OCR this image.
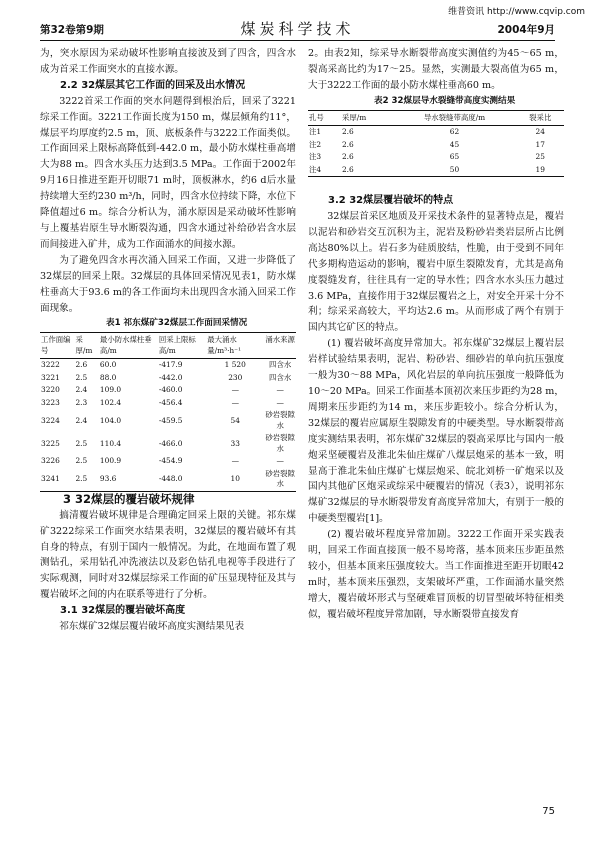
维普资讯 http://www.cqvip.com
第32卷第9期	煤炭科学技术	2004年9月

为，突水原因为采动破坏性影响直接波及到了四含，四含水成为首采工作面突水的直接水源。

2.2 32煤层其它工作面的回采及出水情况

3222首采工作面的突水问题得到根治后，回采了3221综采工作面。3221工作面长度为150 m，煤层倾角约11°，煤层平均厚度约2.5 m，顶、底板条件与3222工作面类似。工作面回采上限标高降低到-442.0 m，最小防水煤柱垂高增大为88 m。四含水头压力达到3.5 MPa。工作面于2002年9月16日推进至距开切眼71 m时，顶板淋水，约6 d后水量持续增大至约230 m³/h，同时，四含水位持续下降，水位下降值超过6 m。综合分析认为，涌水原因是采动破坏性影响与上覆基岩原生导水断裂沟通，四含水通过补给砂岩含水层而间接进入矿井，成为工作面涌水的间接水源。

为了避免四含水再次涌入回采工作面，又进一步降低了32煤层的回采上限。32煤层的具体回采情况见表1，防水煤柱垂高大于93.6 m的各工作面均未出现四含水涌入回采工作面现象。

表1 祁东煤矿32煤层工作面回采情况

工作面编号	采厚/m	最小防水煤柱垂高/m	回采上限标高/m	最大涌水量/m³·h⁻¹	涌水来源
3222	2.6	60.0	-417.9	1 520	四含水
3221	2.5	88.0	-442.0	230	四含水
3220	2.4	109.0	-460.0	—	—
3223	2.3	102.4	-456.4	—	—
3224	2.4	104.0	-459.5	54	砂岩裂隙水
3225	2.5	110.4	-466.0	33	砂岩裂隙水
3226	2.5	100.9	-454.9	—	—
3241	2.5	93.6	-448.0	10	砂岩裂隙水

3 32煤层的覆岩破坏规律

搞清覆岩破坏规律是合理确定回采上限的关键。祁东煤矿3222综采工作面突水结果表明，32煤层的覆岩破坏有其自身的特点，有别于国内一般情况。为此，在地面布置了观测钻孔，采用钻孔冲洗液法以及彩色钻孔电视等手段进行了实际观测，同时对32煤层综采工作面的矿压显现特征及其与覆岩破坏之间的内在联系等进行了分析。

3.1 32煤层的覆岩破坏高度

祁东煤矿32煤层覆岩破坏高度实测结果见表

2。由表2知，综采导水断裂带高度实测值约为45～65 m，裂高采高比约为17～25。显然，实测最大裂高值为65 m，大于3222工作面的最小防水煤柱垂高60 m。

表2 32煤层导水裂缝带高度实测结果

孔号	采厚/m	导水裂缝带高度/m	裂采比
注1	2.6	62	24
注2	2.6	45	17
注3	2.6	65	25
注4	2.6	50	19

3.2 32煤层覆岩破坏的特点

32煤层首采区地质及开采技术条件的显著特点是，覆岩以泥岩和砂岩交互沉积为主，泥岩及粉砂岩类岩层所占比例高达80%以上。岩石多为硅质胶结，性脆，由于受到不同年代多期构造运动的影响，覆岩中原生裂隙发育，尤其是高角度裂缝发育，往往具有一定的导水性；四含水水头压力越过3.6 MPa，直接作用于32煤层覆岩之上，对安全开采十分不利；综采采高较大，平均达2.6 m。从而形成了两个有别于国内其它矿区的特点。

(1) 覆岩破坏高度异常加大。祁东煤矿32煤层上覆岩层岩样试验结果表明，泥岩、粉砂岩、细砂岩的单向抗压强度一般为30～88 MPa，风化岩层的单向抗压强度一般降低为10～20 MPa。回采工作面基本顶初次来压步距约为28 m，周期来压步距约为14 m，来压步距较小。综合分析认为，32煤层的覆岩应属原生裂隙发育的中硬类型。导水断裂带高度实测结果表明，祁东煤矿32煤层的裂高采厚比与国内一般炮采坚硬覆岩及淮北朱仙庄煤矿八煤层炮采的基本一致，明显高于淮北朱仙庄煤矿七煤层炮采、皖北刘桥一矿炮采以及国内其他矿区炮采或综采中硬覆岩的情况（表3），说明祁东煤矿32煤层的导水断裂带发育高度异常加大，有别于一般的中硬类型覆岩[1]。

(2) 覆岩破坏程度异常加剧。3222工作面开采实践表明，回采工作面直接顶一般不易垮落，基本顶来压步距虽然较小，但基本顶来压强度较大。当工作面推进至距开切眼42 m时，基本顶来压强烈，支架破坏严重，工作面涌水量突然增大，覆岩破坏形式与坚硬难冒顶板的切冒型破坏特征相类似，覆岩破坏程度异常加剧，导水断裂带直接发育

75
